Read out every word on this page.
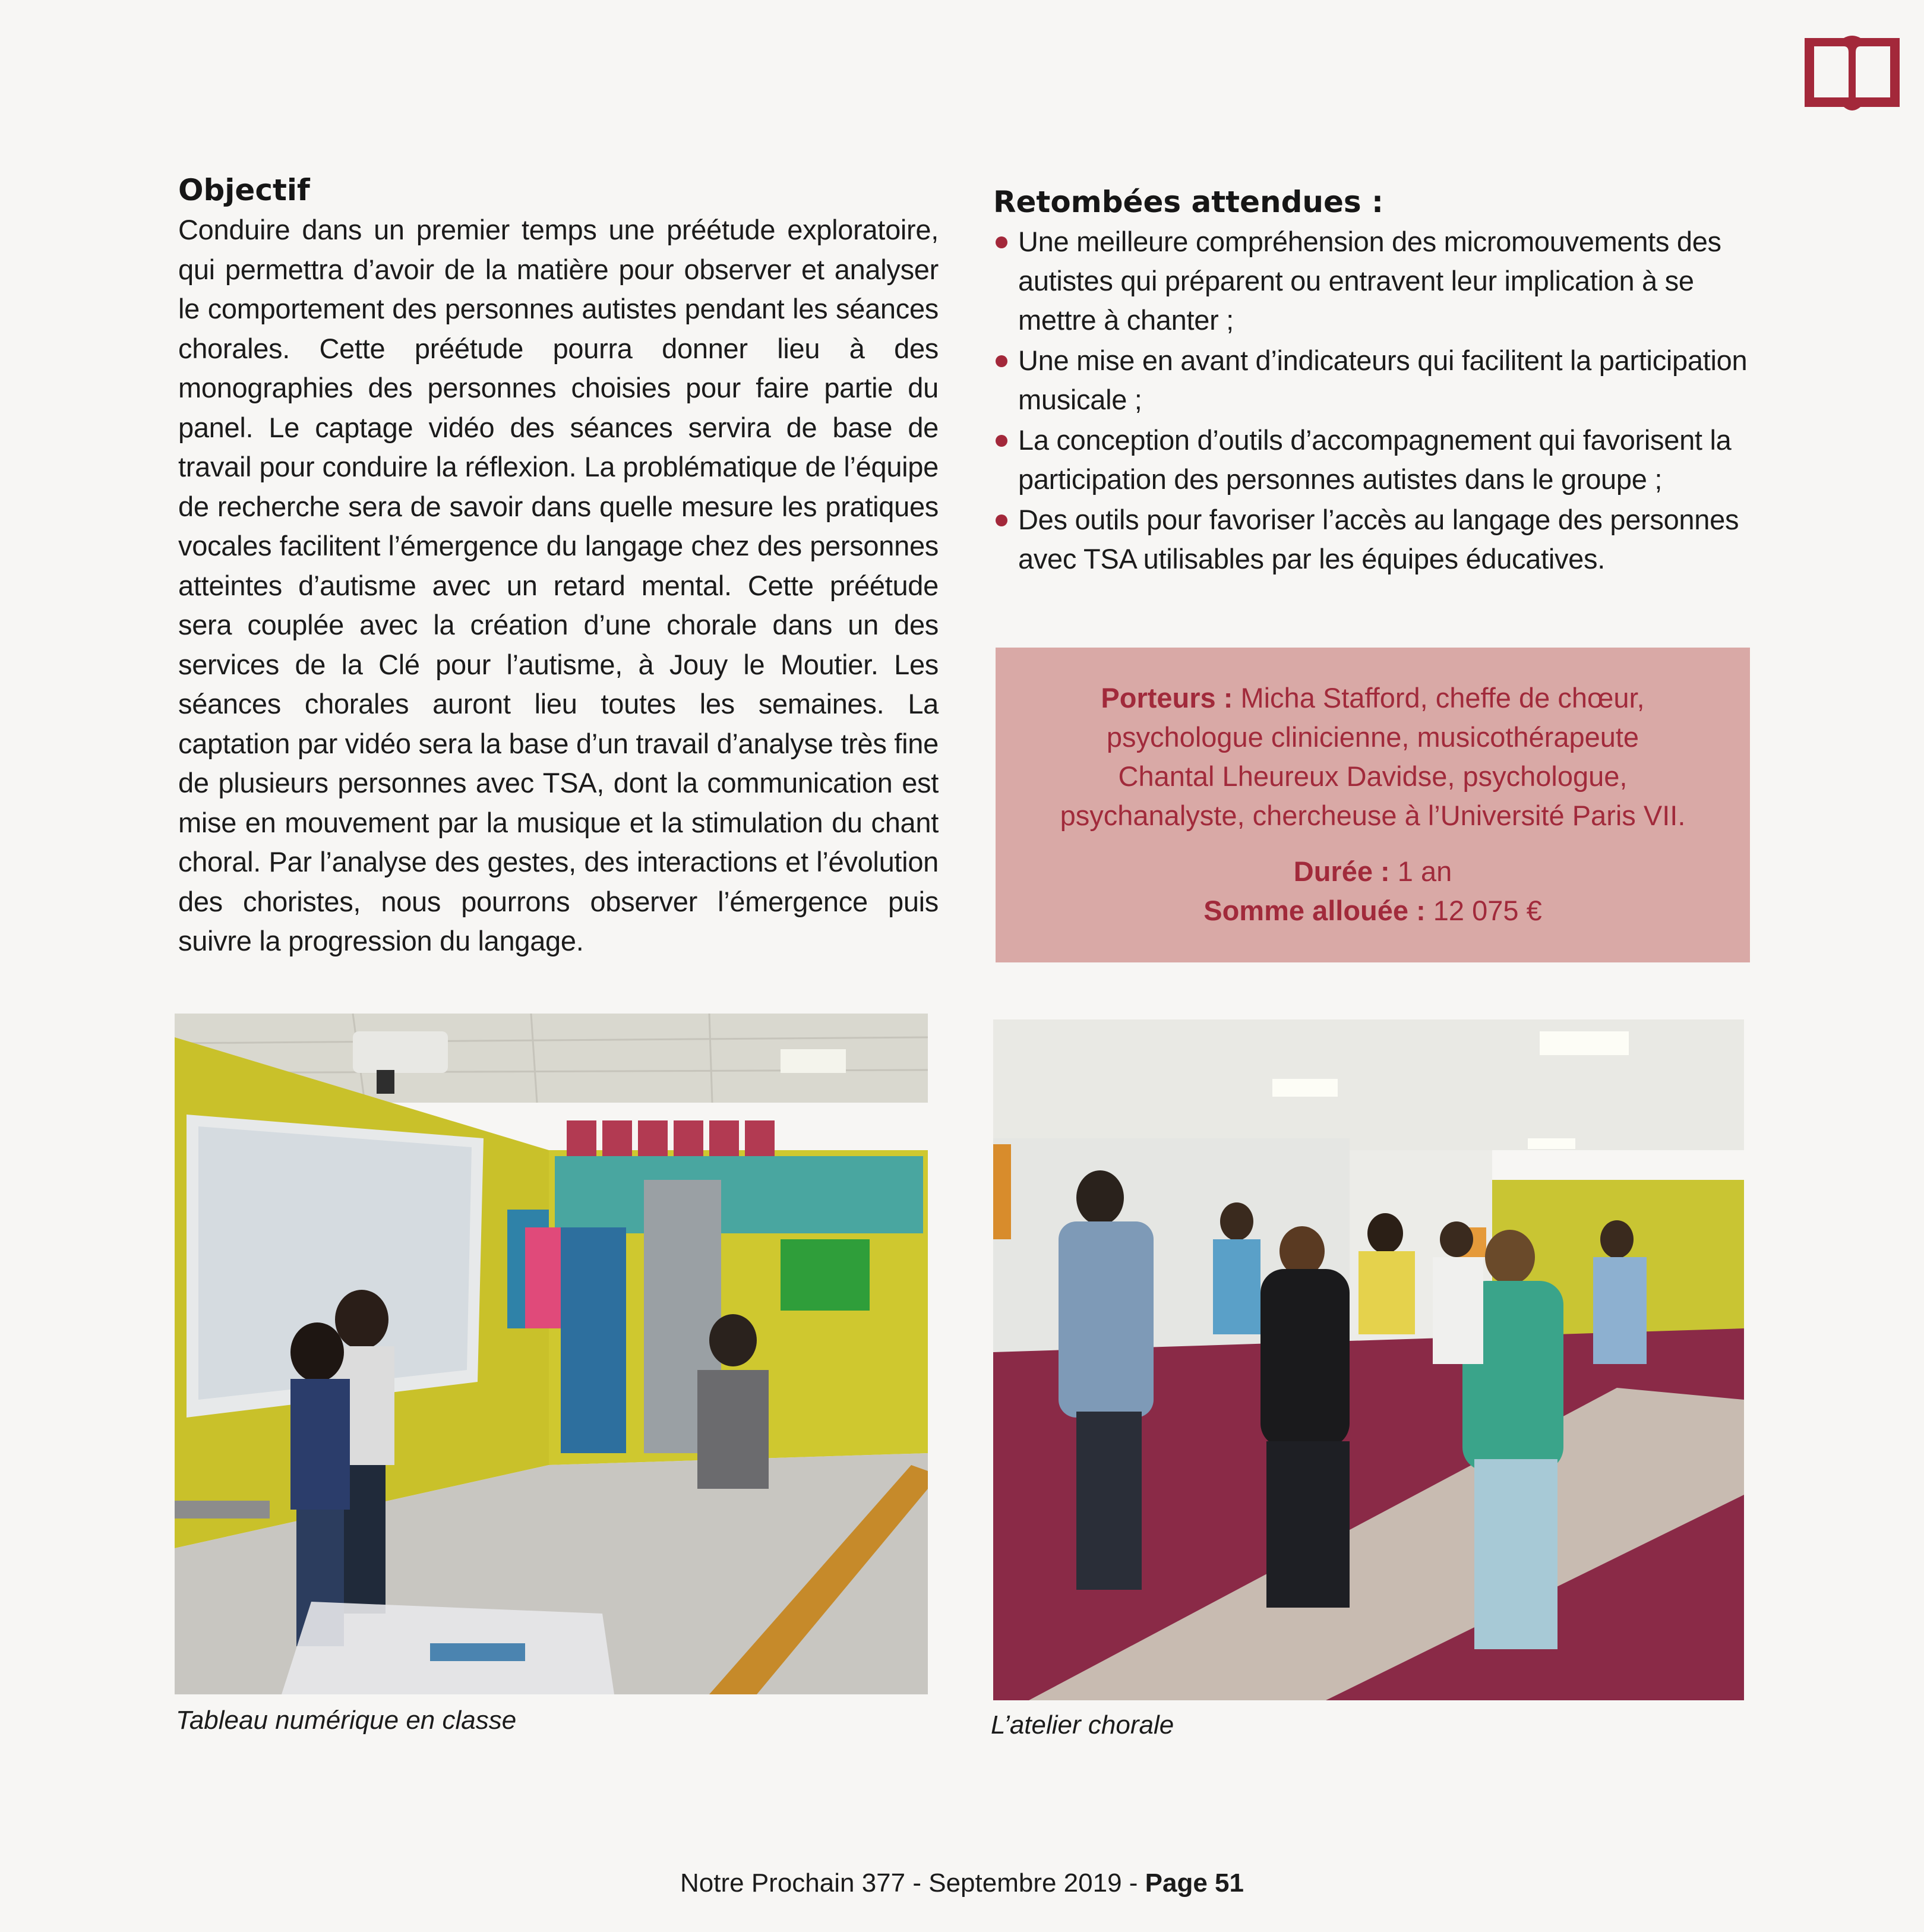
Objectif

Conduire dans un premier temps une préétude exploratoire, qui permettra d’avoir de la matière pour observer et analyser le comportement des personnes autistes pendant les séances chorales. Cette préétude pourra donner lieu à des monographies des personnes choisies pour faire partie du panel. Le captage vidéo des séances servira de base de travail pour conduire la réflexion. La problématique de l’équipe de recherche sera de savoir dans quelle mesure les pratiques vocales facilitent l’émergence du langage chez des personnes atteintes d’autisme avec un retard mental. Cette préétude sera couplée avec la création d’une chorale dans un des services de la Clé pour l’autisme, à Jouy le Moutier. Les séances chorales auront lieu toutes les semaines. La captation par vidéo sera la base d’un travail d’analyse très fine de plusieurs personnes avec TSA, dont la communication est mise en mouvement par la musique et la stimulation du chant choral. Par l’analyse des gestes, des interactions et l’évolution des choristes, nous pourrons observer l’émergence puis suivre la progression du langage.

Retombées attendues :
Une meilleure compréhension des micromouvements des autistes qui préparent ou entravent leur implication à se mettre à chanter ;
Une mise en avant d’indicateurs qui facilitent la participation musicale ;
La conception d’outils d’accompagnement qui favorisent la participation des personnes autistes dans le groupe ;
Des outils pour favoriser l’accès au langage des personnes avec TSA utilisables par les équipes éducatives.

Porteurs : Micha Stafford, cheffe de chœur,

psychologue clinicienne, musicothérapeute

Chantal Lheureux Davidse, psychologue,

psychanalyste, chercheuse à l’Université Paris VII.

Durée : 1 an

Somme allouée : 12 075 €

Tableau numérique en classe	L’atelier chorale
Notre Prochain 377 - Septembre 2019 - Page 51
